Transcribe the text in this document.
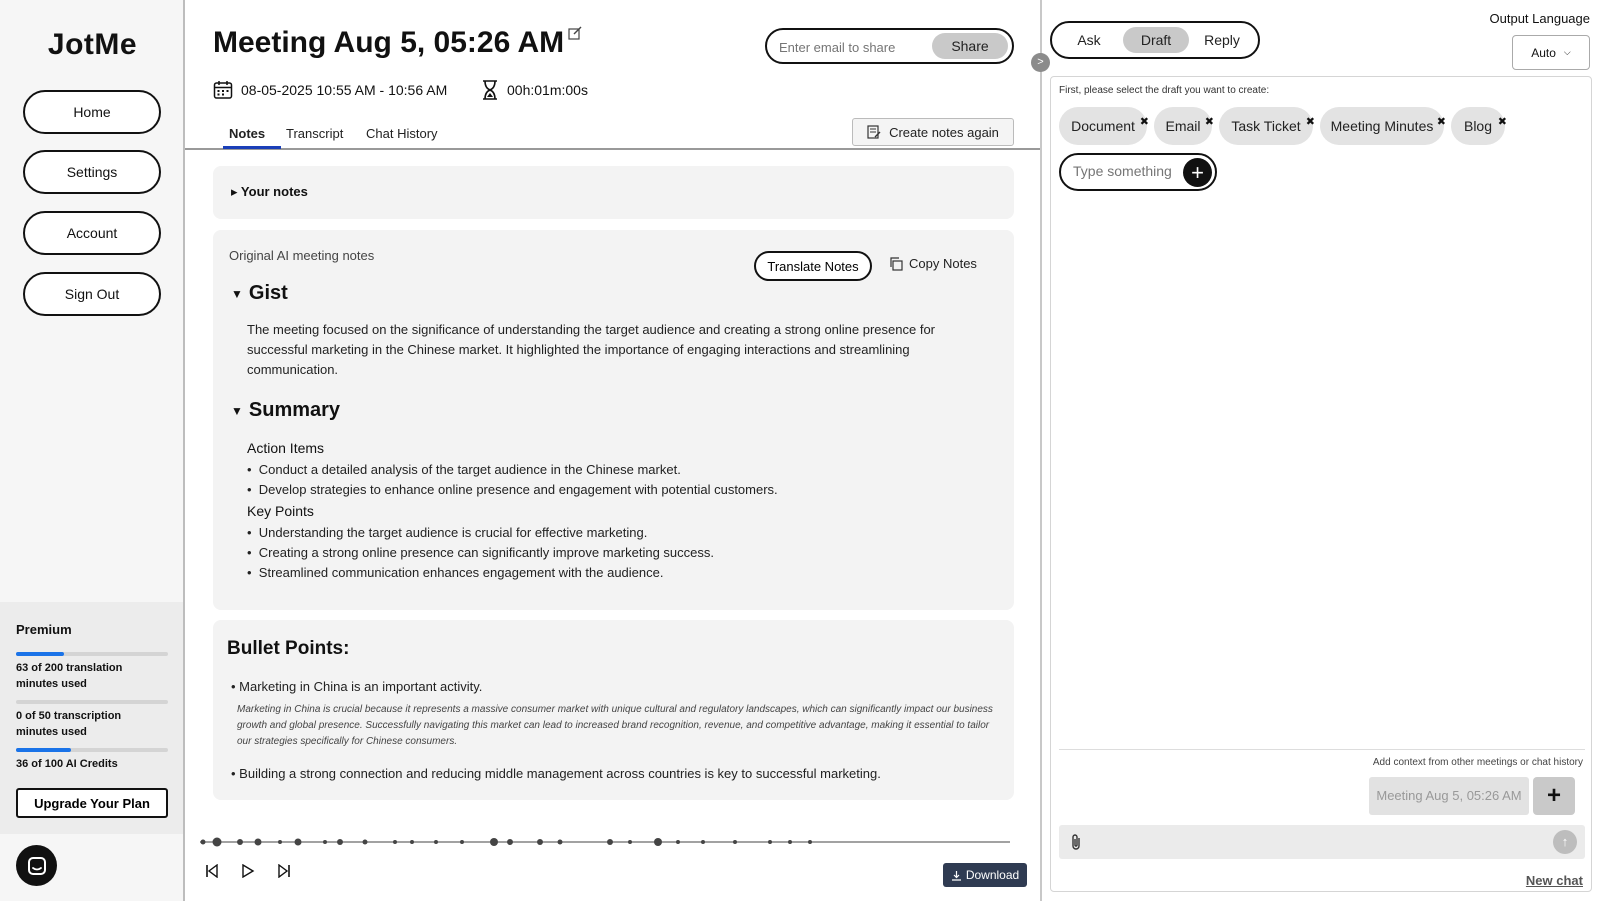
JotMe
Home
Settings
Account
Sign Out
Premium
63 of 200 translation minutes used
0 of 50 transcription minutes used
36 of 100 AI Credits
Upgrade Your Plan
Meeting Aug 5, 05:26 AM
Enter email to share	Share
08-05-2025 10:55 AM - 10:56 AM	00h:01m:00s
Notes Transcript Chat History	Create notes again
▸ Your notes
Original AI meeting notes
Translate Notes	Copy Notes
▼ Gist
The meeting focused on the significance of understanding the target audience and creating a strong online presence for successful marketing in the Chinese market. It highlighted the importance of engaging interactions and streamlining communication.
▼ Summary
Action Items
•  Conduct a detailed analysis of the target audience in the Chinese market.
•  Develop strategies to enhance online presence and engagement with potential customers.
Key Points
•  Understanding the target audience is crucial for effective marketing.
•  Creating a strong online presence can significantly improve marketing success.
•  Streamlined communication enhances engagement with the audience.
Bullet Points:
• Marketing in China is an important activity.
Marketing in China is crucial because it represents a massive consumer market with unique cultural and regulatory landscapes, which can significantly impact our business growth and global presence. Successfully navigating this market can lead to increased brand recognition, revenue, and competitive advantage, making it essential to tailor our strategies specifically for Chinese consumers.
• Building a strong connection and reducing middle management across countries is key to successful marketing.
Download
Ask	Draft	Reply
Output Language
Auto ⌵
First, please select the draft you want to create:
Document ✖	Email ✖	Task Ticket ✖	Meeting Minutes ✖	Blog ✖
Type something
+
Add context from other meetings or chat history
Meeting Aug 5, 05:26 AM	+
↑
New chat
>
